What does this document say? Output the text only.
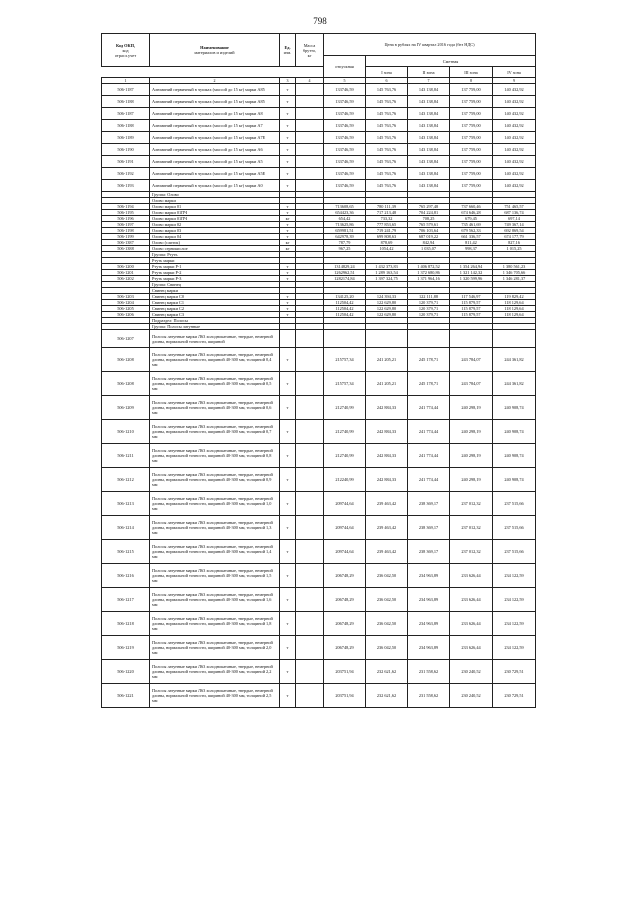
798
Код ОКП,
код
отрасл.учет	Наименование
материалов и изделий	Ед.
изм.	Масса
брутто,
кг	Цена в рублях на IV квартал 2016 года (без НДС)				
				отпускная	Сметная			
					I зона	II зона	III зона	IV зона
1	2	3	4	5	6	7	8	9
506-1187	Алюминий первичный в чушках (массой до 15 кг) марки А85	т		133746,59	145 763,76	143 138,84	137 759,00	140 432,92
506-1188	Алюминий первичный в чушках (массой до 15 кг) марки А85	т		133746,59	145 763,76	143 138,84	137 759,00	140 432,92
506-1187	Алюминий первичный в чушках (массой до 15 кг) марки А8	т		133746,59	145 763,76	143 138,84	137 759,00	140 432,92
506-1188	Алюминий первичный в чушках (массой до 15 кг) марки А7	т		133746,59	145 763,76	143 138,84	137 759,00	140 432,92
506-1189	Алюминий первичный в чушках (массой до 15 кг) марки А7Е	т		133746,59	145 763,76	143 138,84	137 759,00	140 432,92
506-1190	Алюминий первичный в чушках (массой до 15 кг) марки А6	т		133746,59	145 763,76	143 138,84	137 759,00	140 432,92
506-1191	Алюминий первичный в чушках (массой до 15 кг) марки А5	т		133746,59	145 763,76	143 138,84	137 759,00	140 432,92
506-1192	Алюминий первичный в чушках (массой до 15 кг) марки А5Е	т		133746,59	145 763,76	143 138,84	137 759,00	140 432,92
506-1193	Алюминий первичный в чушках (массой до 15 кг) марки А0	т		133746,59	145 763,76	143 138,84	137 759,00	140 432,92
	Группа: Олово							
	Олово марки							
506-1194	Олово марки 01	т		713608,65	780 111,39	765 297,48	737 660,46	751 465,57
506-1195	Олово марки 01ПЧ	т		654423,36	717 213,48	704 224,81	674 646,28	687 136,74
506-1196	Олово марки 01ПЧ	кг		654,42	733,32	708,25	679,45	697,14
506-1197	Олово марки 02	т		713625,86	777 853,65	765 579,61	735 461,69	749 367,14
506-1198	Олово марки 03	т		659981,51	719 241,79	706 103,64	679 562,33	692 869,54
506-1199	Олово марки 04	т		642978,39	699 808,63	687 019,22	661 336,57	674 177,79
506-1387	Олово (слиток)	кг		787,79	878,69	842,94	811,42	827,16
506-1388	Олово сернокислое	кг		967,25	1054,42	1 035,07	998,37	1 015,25
	Группа: Ртуть							
	Ртуть марки							
506-1200	Ртуть марки Р-1	т		1314829,24	1 432 373,83	1 406 872,52	1 354 264,94	1 380 561,23
506-1201	Ртуть марки Р-2	т		1262962,51	1 289 163,54	1 372 680,86	1 321 142,32	1 346 705,66
506-1202	Ртуть марки Р-3	т		1282174,84	1 397 324,75	1 371 964,16	1 320 599,96	1 346 281,37
	Группа: Свинец							
	Свинец марки							
506-1203	Свинец марки С0	т		134125,20	124 394,33	122 111,88	117 546,97	119 829,42
506-1204	Свинец марки С1	т		112504,42	122 629,80	120 379,71	115 879,57	118 129,64
506-1205	Свинец марки С2	т		112504,42	122 629,80	120 379,71	115 879,57	118 129,64
506-1206	Свинец марки С3	т		112504,42	122 629,80	120 379,71	115 879,57	118 129,64
	Подраздел: Полосы							
	Группа: Полосы латунные							
506-1207	Полосы латунные марки Л63 холоднокатаные, твердые, немерной длины, нормальной точности, шириной							
506-1208	Полосы латунные марки Л63 холоднокатаные, твердые, немерной длины, нормальной точности, шириной 40-300 мм, толщиной 0,4 мм	т		215757,34	241 205,21	245 178,71	243 784,07	244 361,82
506-1208	Полосы латунные марки Л63 холоднокатаные, твердые, немерной длины, нормальной точности, шириной 40-300 мм, толщиной 0,5 мм	т		215757,34	241 205,21	245 178,71	243 784,07	244 361,82
506-1209	Полосы латунные марки Л63 холоднокатаные, твердые, немерной длины, нормальной точности, шириной 40-300 мм, толщиной 0,6 мм	т		212740,99	242 884,33	241 774,44	240 298,19	240 908,74
506-1210	Полосы латунные марки Л63 холоднокатаные, твердые, немерной длины, нормальной точности, шириной 40-300 мм, толщиной 0,7 мм	т		212740,99	242 884,33	241 774,44	240 298,19	240 908,74
506-1211	Полосы латунные марки Л63 холоднокатаные, твердые, немерной длины, нормальной точности, шириной 40-300 мм, толщиной 0,8 мм	т		212740,99	242 884,33	241 774,44	240 298,19	240 908,74
506-1212	Полосы латунные марки Л63 холоднокатаные, твердые, немерной длины, нормальной точности, шириной 40-300 мм, толщиной 0,9 мм	т		212240,99	242 884,33	241 774,44	240 298,19	240 908,74
506-1213	Полосы латунные марки Л63 холоднокатаные, твердые, немерной длины, нормальной точности, шириной 40-300 мм, толщиной 1,0 мм	т		209744,64	239 463,42	238 369,17	237 012,32	237 515,66
506-1214	Полосы латунные марки Л63 холоднокатаные, твердые, немерной длины, нормальной точности, шириной 40-300 мм, толщиной 1,3 мм	т		209744,64	239 463,42	238 369,17	237 012,32	237 515,66
506-1215	Полосы латунные марки Л63 холоднокатаные, твердые, немерной длины, нормальной точности, шириной 40-300 мм, толщиной 1,4 мм	т		209744,64	239 463,42	238 369,17	237 012,32	237 515,66
506-1216	Полосы латунные марки Л63 холоднокатаные, твердые, немерной длины, нормальной точности, шириной 40-300 мм, толщиной 1,5 мм	т		206748,29	236 042,50	234 963,89	233 626,44	234 122,59
506-1217	Полосы латунные марки Л63 холоднокатаные, твердые, немерной длины, нормальной точности, шириной 40-300 мм, толщиной 1,6 мм	т		206748,29	236 042,50	234 963,89	233 626,44	234 122,59
506-1218	Полосы латунные марки Л63 холоднокатаные, твердые, немерной длины, нормальной точности, шириной 40-300 мм, толщиной 1,8 мм	т		206748,29	236 042,50	234 963,89	233 626,44	234 122,59
506-1219	Полосы латунные марки Л63 холоднокатаные, твердые, немерной длины, нормальной точности, шириной 40-300 мм, толщиной 2,0 мм	т		206748,29	236 042,50	234 963,89	233 626,44	234 122,59
506-1220	Полосы латунные марки Л63 холоднокатаные, твердые, немерной длины, нормальной точности, шириной 40-300 мм, толщиной 2,2 мм	т		203751,94	232 621,62	231 558,62	230 240,52	230 729,51
506-1221	Полосы латунные марки Л63 холоднокатаные, твердые, немерной длины, нормальной точности, шириной 40-300 мм, толщиной 2,5 мм	т		203751,94	232 621,62	231 558,62	230 240,52	230 729,51
